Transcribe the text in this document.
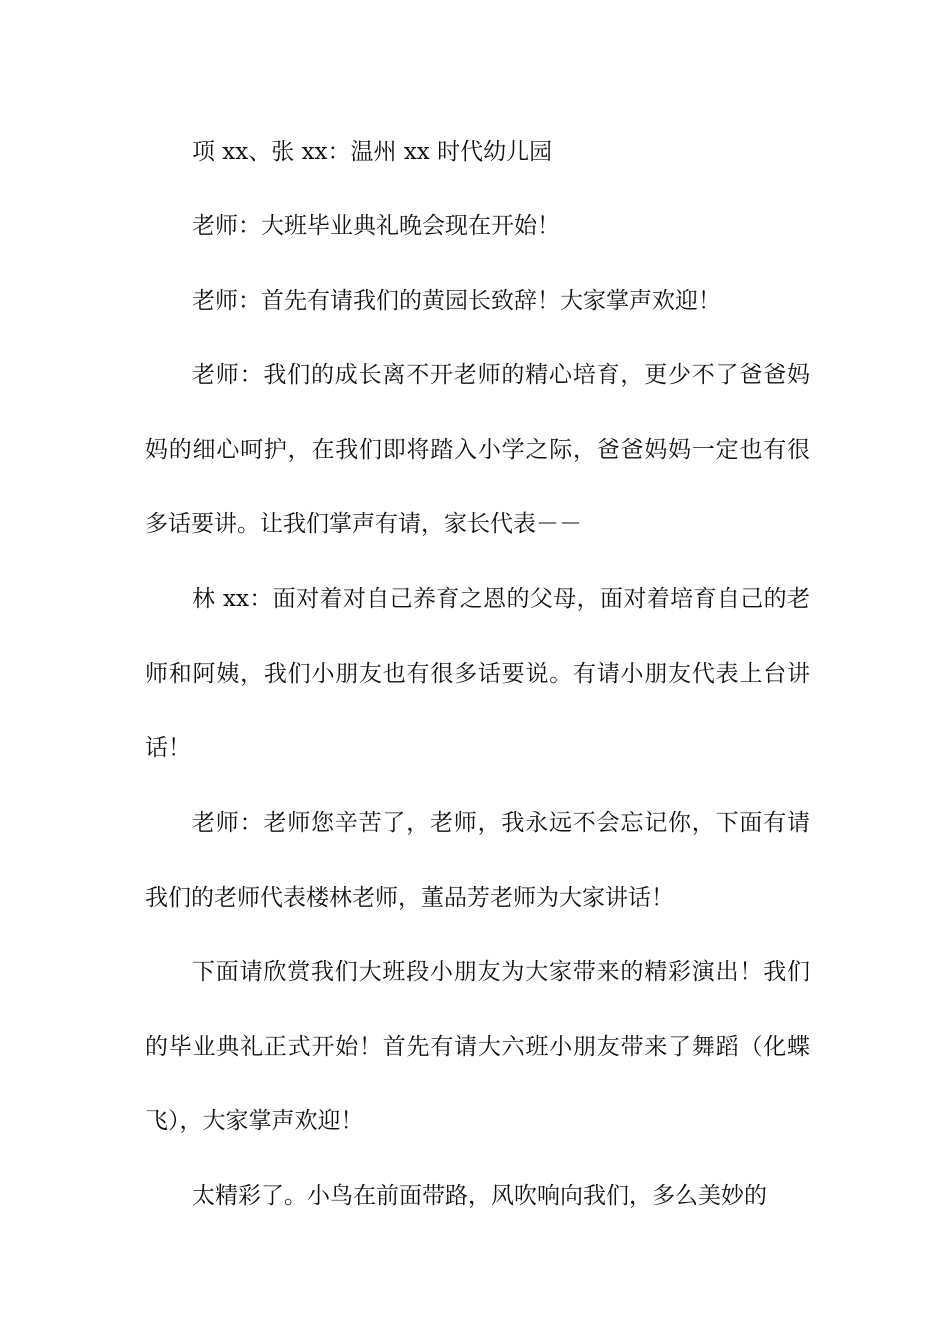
项 xx、张 xx：温州 xx 时代幼儿园

老师：大班毕业典礼晚会现在开始！

老师：首先有请我们的黄园长致辞！大家掌声欢迎！

老师：我们的成长离不开老师的精心培育，更少不了爸爸妈妈的细心呵护，在我们即将踏入小学之际，爸爸妈妈一定也有很多话要讲。让我们掌声有请，家长代表－－

林 xx：面对着对自己养育之恩的父母，面对着培育自己的老师和阿姨，我们小朋友也有很多话要说。有请小朋友代表上台讲话！

老师：老师您辛苦了，老师，我永远不会忘记你，下面有请我们的老师代表楼林老师，董品芳老师为大家讲话！

下面请欣赏我们大班段小朋友为大家带来的精彩演出！我们的毕业典礼正式开始！首先有请大六班小朋友带来了舞蹈（化蝶飞），大家掌声欢迎！

太精彩了。小鸟在前面带路，风吹响向我们，多么美妙的
